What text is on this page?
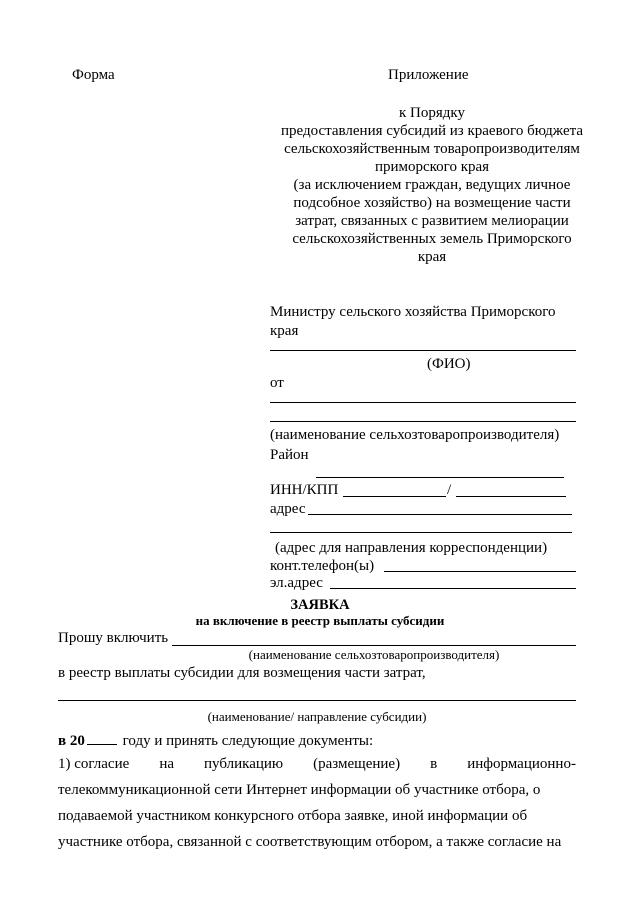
Форма	Приложение
к Порядку
предоставления субсидий из краевого бюджета
сельскохозяйственным товаропроизводителям
приморского края
(за исключением граждан, ведущих личное
подсобное хозяйство) на возмещение части
затрат, связанных с развитием мелиорации
сельскохозяйственных земель Приморского
края
Министру сельского хозяйства Приморского
края
(ФИО)
от
(наименование сельхозтоваропроизводителя)
Район
ИНН/КПП	/
адрес
(адрес для направления корреспонденции)
конт.телефон(ы)
эл.адрес
ЗАЯВКА
на включение в реестр выплаты субсидии
Прошу включить
(наименование сельхозтоваропроизводителя)
в реестр выплаты субсидии для возмещения части затрат,
(наименование/ направление субсидии)
в 20	году и принять следующие документы:
1) согласие на публикацию (размещение) в информационно-
телекоммуникационной сети Интернет информации об участнике отбора, о
подаваемой участником конкурсного отбора заявке, иной информации об
участнике отбора, связанной с соответствующим отбором, а также согласие на
